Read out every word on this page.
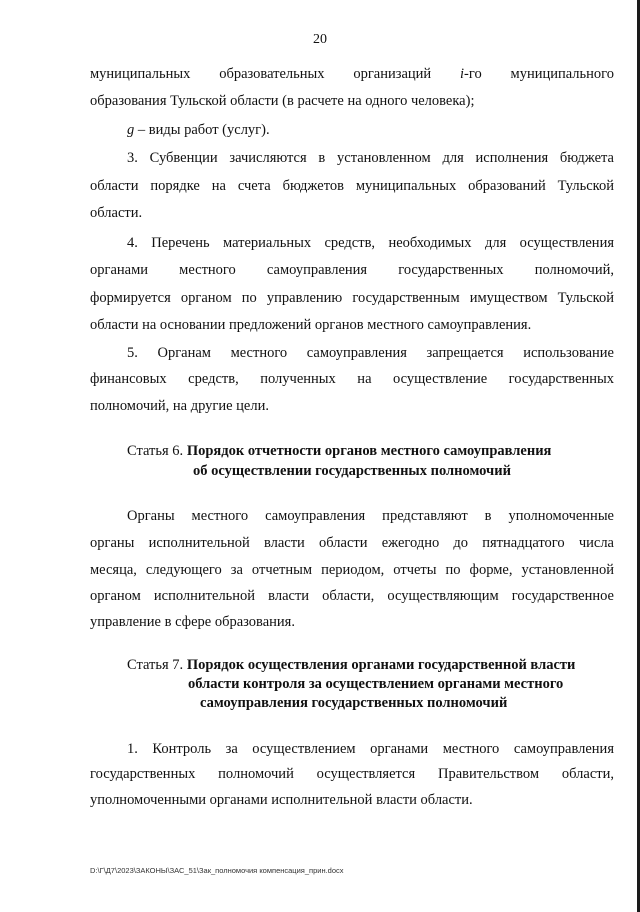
20
муниципальных образовательных организаций i-го муниципального
образования Тульской области (в расчете на одного человека);
g – виды работ (услуг).
3. Субвенции зачисляются в установленном для исполнения бюджета
области порядке на счета бюджетов муниципальных образований Тульской
области.
4. Перечень материальных средств, необходимых для осуществления
органами местного самоуправления государственных полномочий,
формируется органом по управлению государственным имуществом Тульской
области на основании предложений органов местного самоуправления.
5. Органам местного самоуправления запрещается использование
финансовых средств, полученных на осуществление государственных
полномочий, на другие цели.
Статья 6. Порядок отчетности органов местного самоуправления
об осуществлении государственных полномочий
Органы местного самоуправления представляют в уполномоченные
органы исполнительной власти области ежегодно до пятнадцатого числа
месяца, следующего за отчетным периодом, отчеты по форме, установленной
органом исполнительной власти области, осуществляющим государственное
управление в сфере образования.
Статья 7. Порядок осуществления органами государственной власти
области контроля за осуществлением органами местного
самоуправления государственных полномочий
1. Контроль за осуществлением органами местного самоуправления
государственных полномочий осуществляется Правительством области,
уполномоченными органами исполнительной власти области.
D:\Г\Д7\2023\ЗАКОНЫ\ЗАС_51\Зак_полномочия компенсация_прин.docx
